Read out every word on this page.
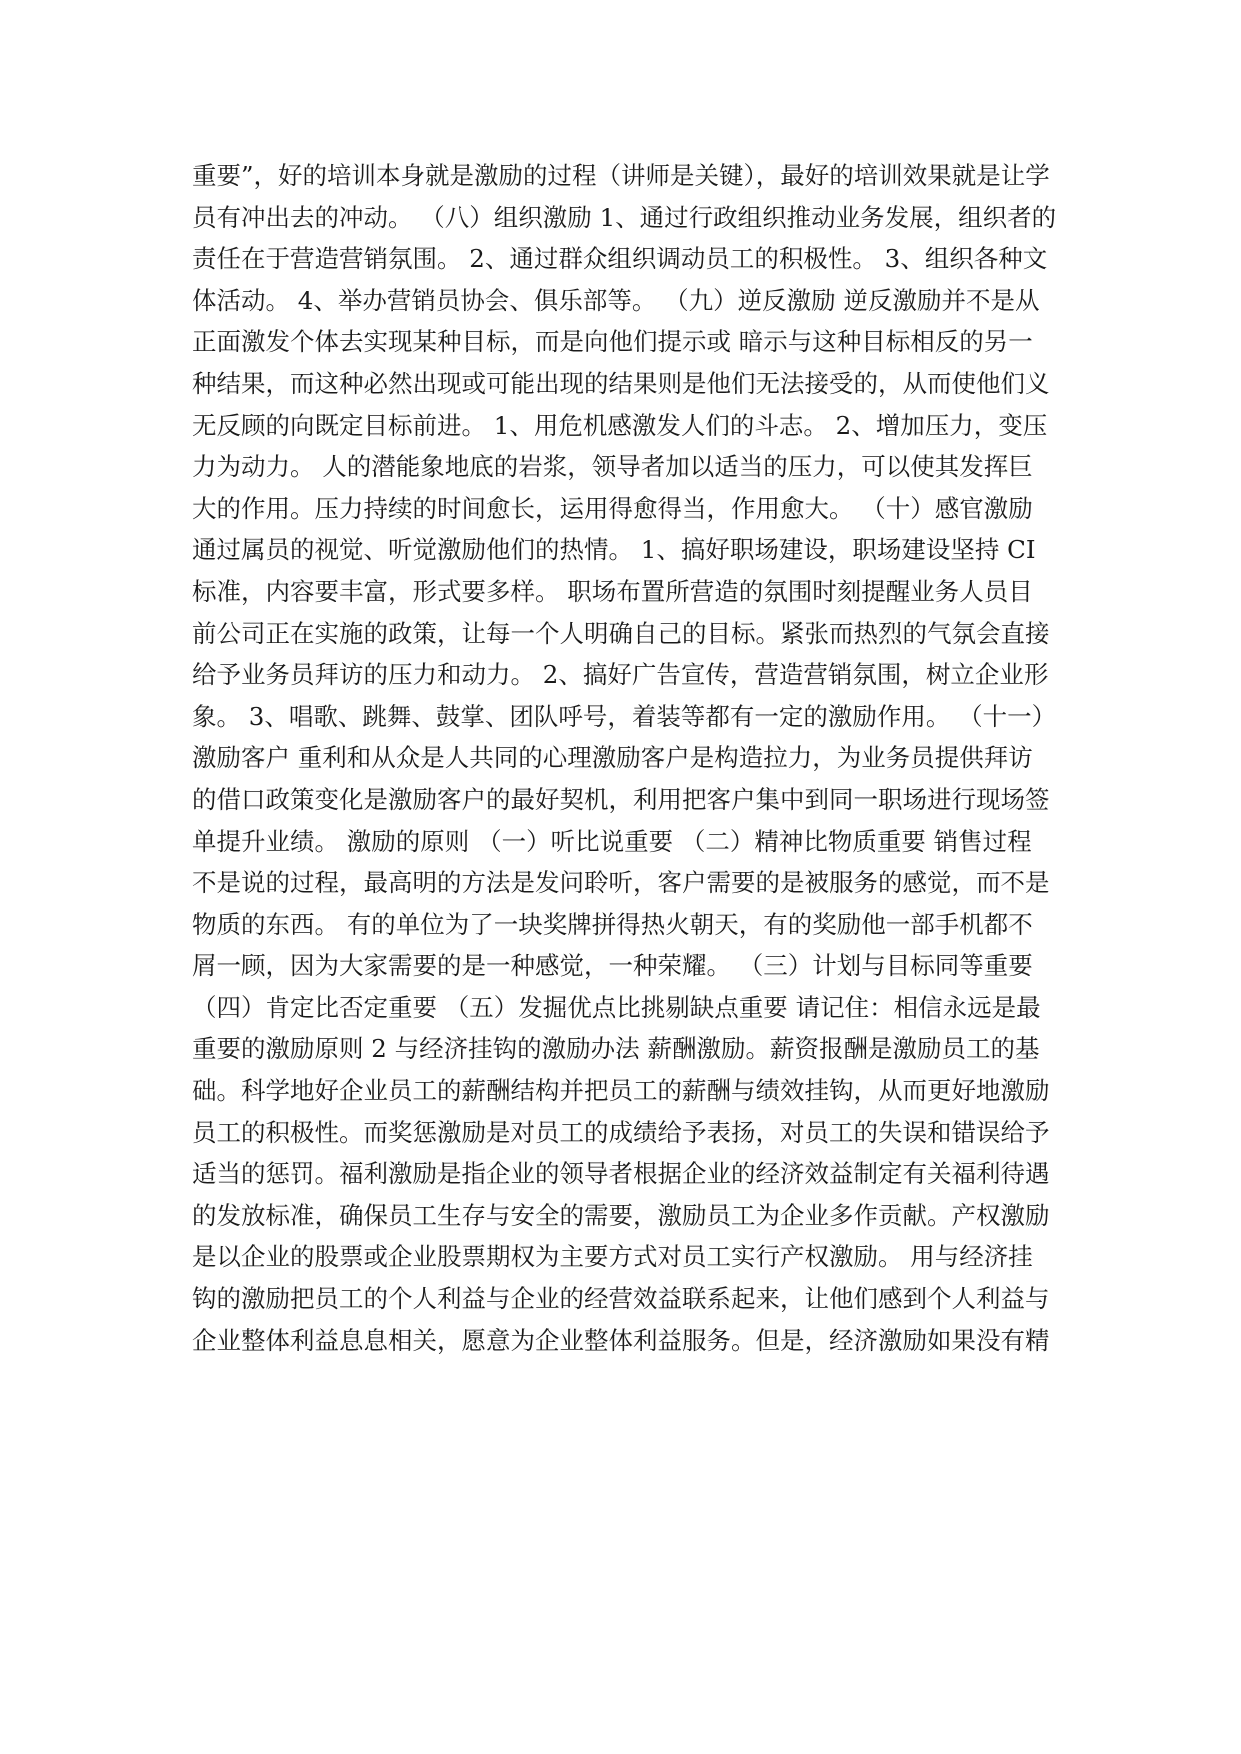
重要”，好的培训本身就是激励的过程（讲师是关键），最好的培训效果就是让学
员有冲出去的冲动。 （八）组织激励 1、通过行政组织推动业务发展，组织者的
责任在于营造营销氛围。 2、通过群众组织调动员工的积极性。 3、组织各种文
体活动。 4、举办营销员协会、俱乐部等。 （九）逆反激励 逆反激励并不是从
正面激发个体去实现某种目标，而是向他们提示或 暗示与这种目标相反的另一
种结果，而这种必然出现或可能出现的结果则是他们无法接受的，从而使他们义
无反顾的向既定目标前进。 1、用危机感激发人们的斗志。 2、增加压力，变压
力为动力。 人的潜能象地底的岩浆，领导者加以适当的压力，可以使其发挥巨
大的作用。压力持续的时间愈长，运用得愈得当，作用愈大。 （十）感官激励
通过属员的视觉、听觉激励他们的热情。 1、搞好职场建设，职场建设坚持 CI
标准，内容要丰富，形式要多样。 职场布置所营造的氛围时刻提醒业务人员目
前公司正在实施的政策，让每一个人明确自己的目标。紧张而热烈的气氛会直接
给予业务员拜访的压力和动力。 2、搞好广告宣传，营造营销氛围，树立企业形
象。 3、唱歌、跳舞、鼓掌、团队呼号，着装等都有一定的激励作用。 （十一）
激励客户 重利和从众是人共同的心理激励客户是构造拉力，为业务员提供拜访
的借口政策变化是激励客户的最好契机，利用把客户集中到同一职场进行现场签
单提升业绩。 激励的原则 （一）听比说重要 （二）精神比物质重要 销售过程
不是说的过程，最高明的方法是发问聆听，客户需要的是被服务的感觉，而不是
物质的东西。 有的单位为了一块奖牌拼得热火朝天，有的奖励他一部手机都不
屑一顾，因为大家需要的是一种感觉，一种荣耀。 （三）计划与目标同等重要
（四）肯定比否定重要 （五）发掘优点比挑剔缺点重要 请记住：相信永远是最
重要的激励原则 2 与经济挂钩的激励办法 薪酬激励。薪资报酬是激励员工的基
础。科学地好企业员工的薪酬结构并把员工的薪酬与绩效挂钩，从而更好地激励
员工的积极性。而奖惩激励是对员工的成绩给予表扬，对员工的失误和错误给予
适当的惩罚。福利激励是指企业的领导者根据企业的经济效益制定有关福利待遇
的发放标准，确保员工生存与安全的需要，激励员工为企业多作贡献。产权激励
是以企业的股票或企业股票期权为主要方式对员工实行产权激励。 用与经济挂
钩的激励把员工的个人利益与企业的经营效益联系起来，让他们感到个人利益与
企业整体利益息息相关，愿意为企业整体利益服务。但是，经济激励如果没有精
